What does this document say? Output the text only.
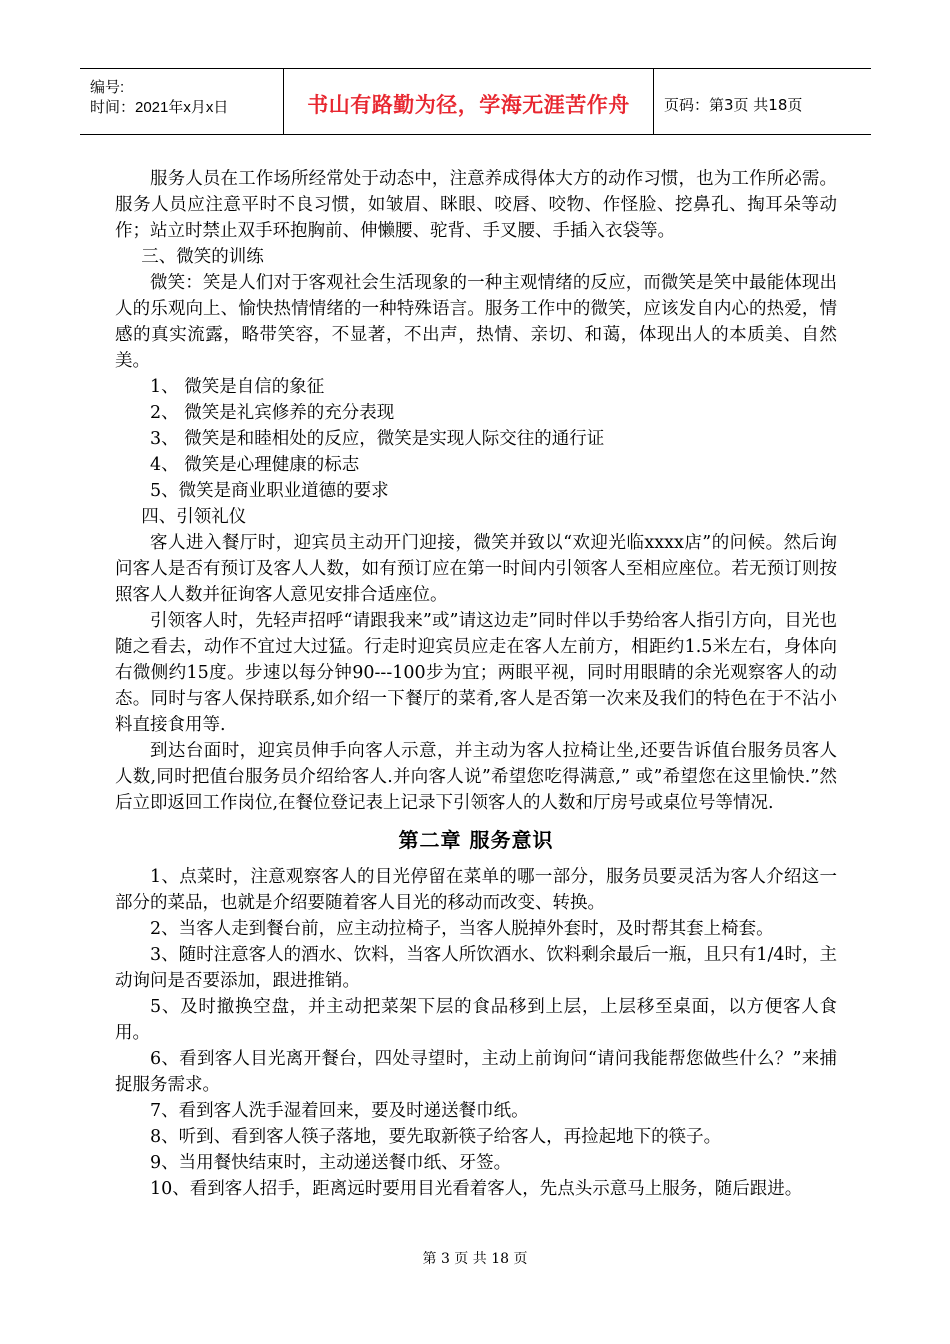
编号:
时间：2021年x月x日	书山有路勤为径，学海无涯苦作舟	页码：第3页 共18页

服务人员在工作场所经常处于动态中，注意养成得体大方的动作习惯，也为工作所必需。服务人员应注意平时不良习惯，如皱眉、眯眼、咬唇、咬物、作怪脸、挖鼻孔、掏耳朵等动作；站立时禁止双手环抱胸前、伸懒腰、驼背、手叉腰、手插入衣袋等。

三、微笑的训练

微笑：笑是人们对于客观社会生活现象的一种主观情绪的反应，而微笑是笑中最能体现出人的乐观向上、愉快热情情绪的一种特殊语言。服务工作中的微笑，应该发自内心的热爱，情感的真实流露，略带笑容，不显著，不出声，热情、亲切、和蔼，体现出人的本质美、自然美。

1、 微笑是自信的象征

2、 微笑是礼宾修养的充分表现

3、 微笑是和睦相处的反应，微笑是实现人际交往的通行证

4、 微笑是心理健康的标志

5、微笑是商业职业道德的要求

四、引领礼仪

客人进入餐厅时，迎宾员主动开门迎接，微笑并致以“欢迎光临xxxx店”的问候。然后询问客人是否有预订及客人人数，如有预订应在第一时间内引领客人至相应座位。若无预订则按照客人人数并征询客人意见安排合适座位。

引领客人时，先轻声招呼“请跟我来”或”请这边走”同时伴以手势给客人指引方向，目光也随之看去，动作不宜过大过猛。行走时迎宾员应走在客人左前方，相距约1.5米左右，身体向右微侧约15度。步速以每分钟90---100步为宜；两眼平视，同时用眼睛的余光观察客人的动态。同时与客人保持联系,如介绍一下餐厅的菜肴,客人是否第一次来及我们的特色在于不沾小料直接食用等.

到达台面时，迎宾员伸手向客人示意，并主动为客人拉椅让坐,还要告诉值台服务员客人人数,同时把值台服务员介绍给客人.并向客人说”希望您吃得满意,” 或”希望您在这里愉快.”然后立即返回工作岗位,在餐位登记表上记录下引领客人的人数和厅房号或桌位号等情况.

第二章 服务意识

1、点菜时，注意观察客人的目光停留在菜单的哪一部分，服务员要灵活为客人介绍这一部分的菜品，也就是介绍要随着客人目光的移动而改变、转换。

2、当客人走到餐台前，应主动拉椅子，当客人脱掉外套时，及时帮其套上椅套。

3、随时注意客人的酒水、饮料，当客人所饮酒水、饮料剩余最后一瓶，且只有1/4时，主动询问是否要添加，跟进推销。

5、及时撤换空盘，并主动把菜架下层的食品移到上层，上层移至桌面，以方便客人食用。

6、看到客人目光离开餐台，四处寻望时，主动上前询问“请问我能帮您做些什么？”来捕捉服务需求。

7、看到客人洗手湿着回来，要及时递送餐巾纸。

8、听到、看到客人筷子落地，要先取新筷子给客人，再捡起地下的筷子。

9、当用餐快结束时，主动递送餐巾纸、牙签。

10、看到客人招手，距离远时要用目光看着客人，先点头示意马上服务，随后跟进。

第 3 页 共 18 页
